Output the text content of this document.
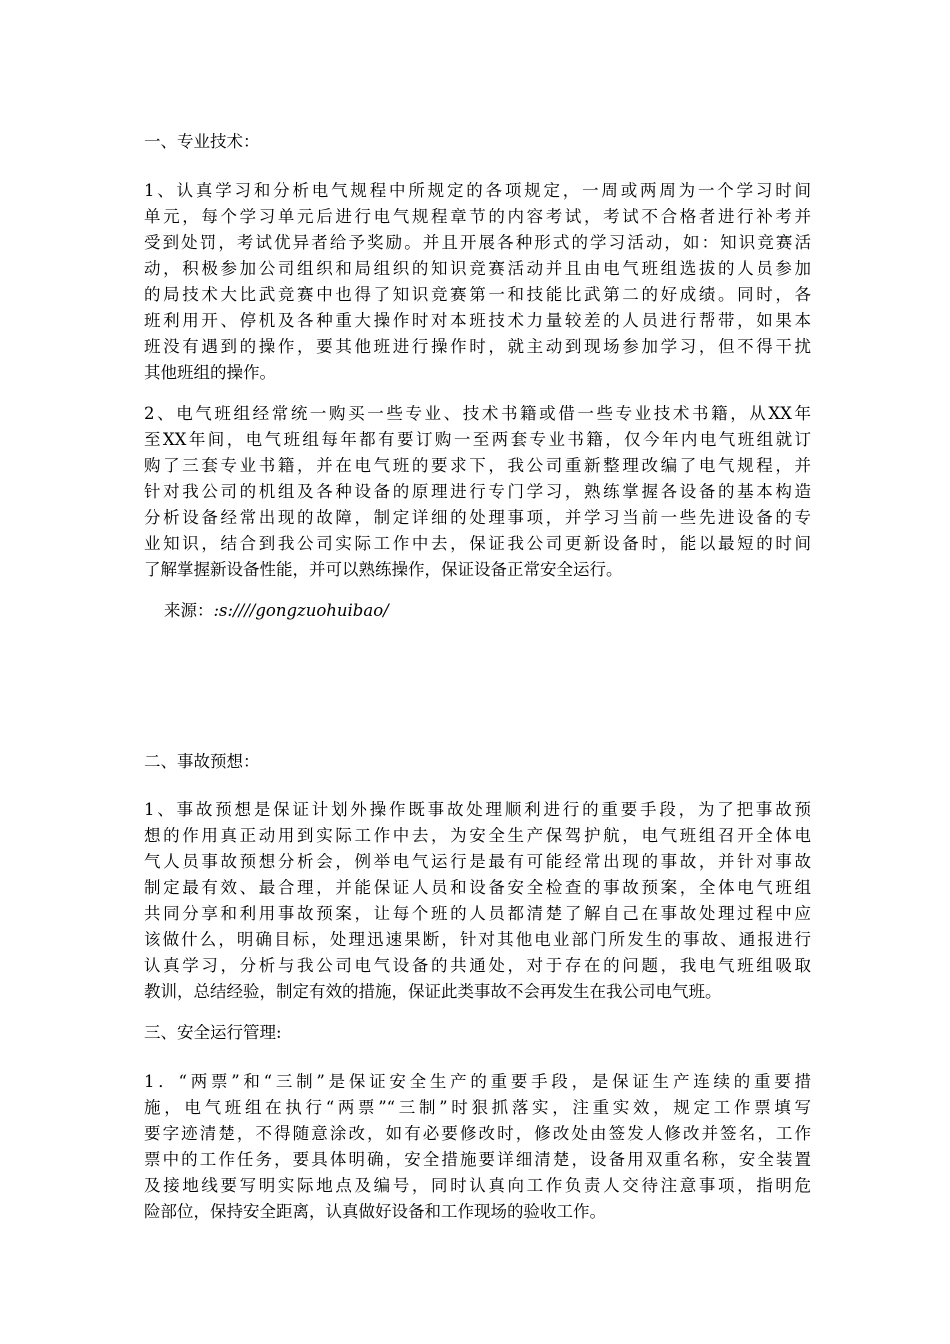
一、专业技术：

1、认真学习和分析电气规程中所规定的各项规定，一周或两周为一个学习时间
单元，每个学习单元后进行电气规程章节的内容考试，考试不合格者进行补考并
受到处罚，考试优异者给予奖励。并且开展各种形式的学习活动，如：知识竞赛活
动，积极参加公司组织和局组织的知识竞赛活动并且由电气班组选拔的人员参加
的局技术大比武竞赛中也得了知识竞赛第一和技能比武第二的好成绩。同时，各
班利用开、停机及各种重大操作时对本班技术力量较差的人员进行帮带，如果本
班没有遇到的操作，要其他班进行操作时，就主动到现场参加学习，但不得干扰
其他班组的操作。
2、电气班组经常统一购买一些专业、技术书籍或借一些专业技术书籍，从XX年
至XX年间，电气班组每年都有要订购一至两套专业书籍，仅今年内电气班组就订
购了三套专业书籍，并在电气班的要求下，我公司重新整理改编了电气规程，并
针对我公司的机组及各种设备的原理进行专门学习，熟练掌握各设备的基本构造
分析设备经常出现的故障，制定详细的处理事项，并学习当前一些先进设备的专
业知识，结合到我公司实际工作中去，保证我公司更新设备时，能以最短的时间
了解掌握新设备性能，并可以熟练操作，保证设备正常安全运行。

来源：:s:////gongzuohuibao/

二、事故预想：

1、事故预想是保证计划外操作既事故处理顺利进行的重要手段，为了把事故预
想的作用真正动用到实际工作中去，为安全生产保驾护航，电气班组召开全体电
气人员事故预想分析会，例举电气运行是最有可能经常出现的事故，并针对事故
制定最有效、最合理，并能保证人员和设备安全检查的事故预案，全体电气班组
共同分享和利用事故预案，让每个班的人员都清楚了解自己在事故处理过程中应
该做什么，明确目标，处理迅速果断，针对其他电业部门所发生的事故、通报进行
认真学习，分析与我公司电气设备的共通处，对于存在的问题，我电气班组吸取
教训，总结经验，制定有效的措施，保证此类事故不会再发生在我公司电气班。

三、安全运行管理:

1．“两票”和“三制”是保证安全生产的重要手段，是保证生产连续的重要措
施，电气班组在执行“两票”“三制”时狠抓落实，注重实效，规定工作票填写
要字迹清楚，不得随意涂改，如有必要修改时，修改处由签发人修改并签名，工作
票中的工作任务，要具体明确，安全措施要详细清楚，设备用双重名称，安全装置
及接地线要写明实际地点及编号，同时认真向工作负责人交待注意事项，指明危
险部位，保持安全距离，认真做好设备和工作现场的验收工作。
